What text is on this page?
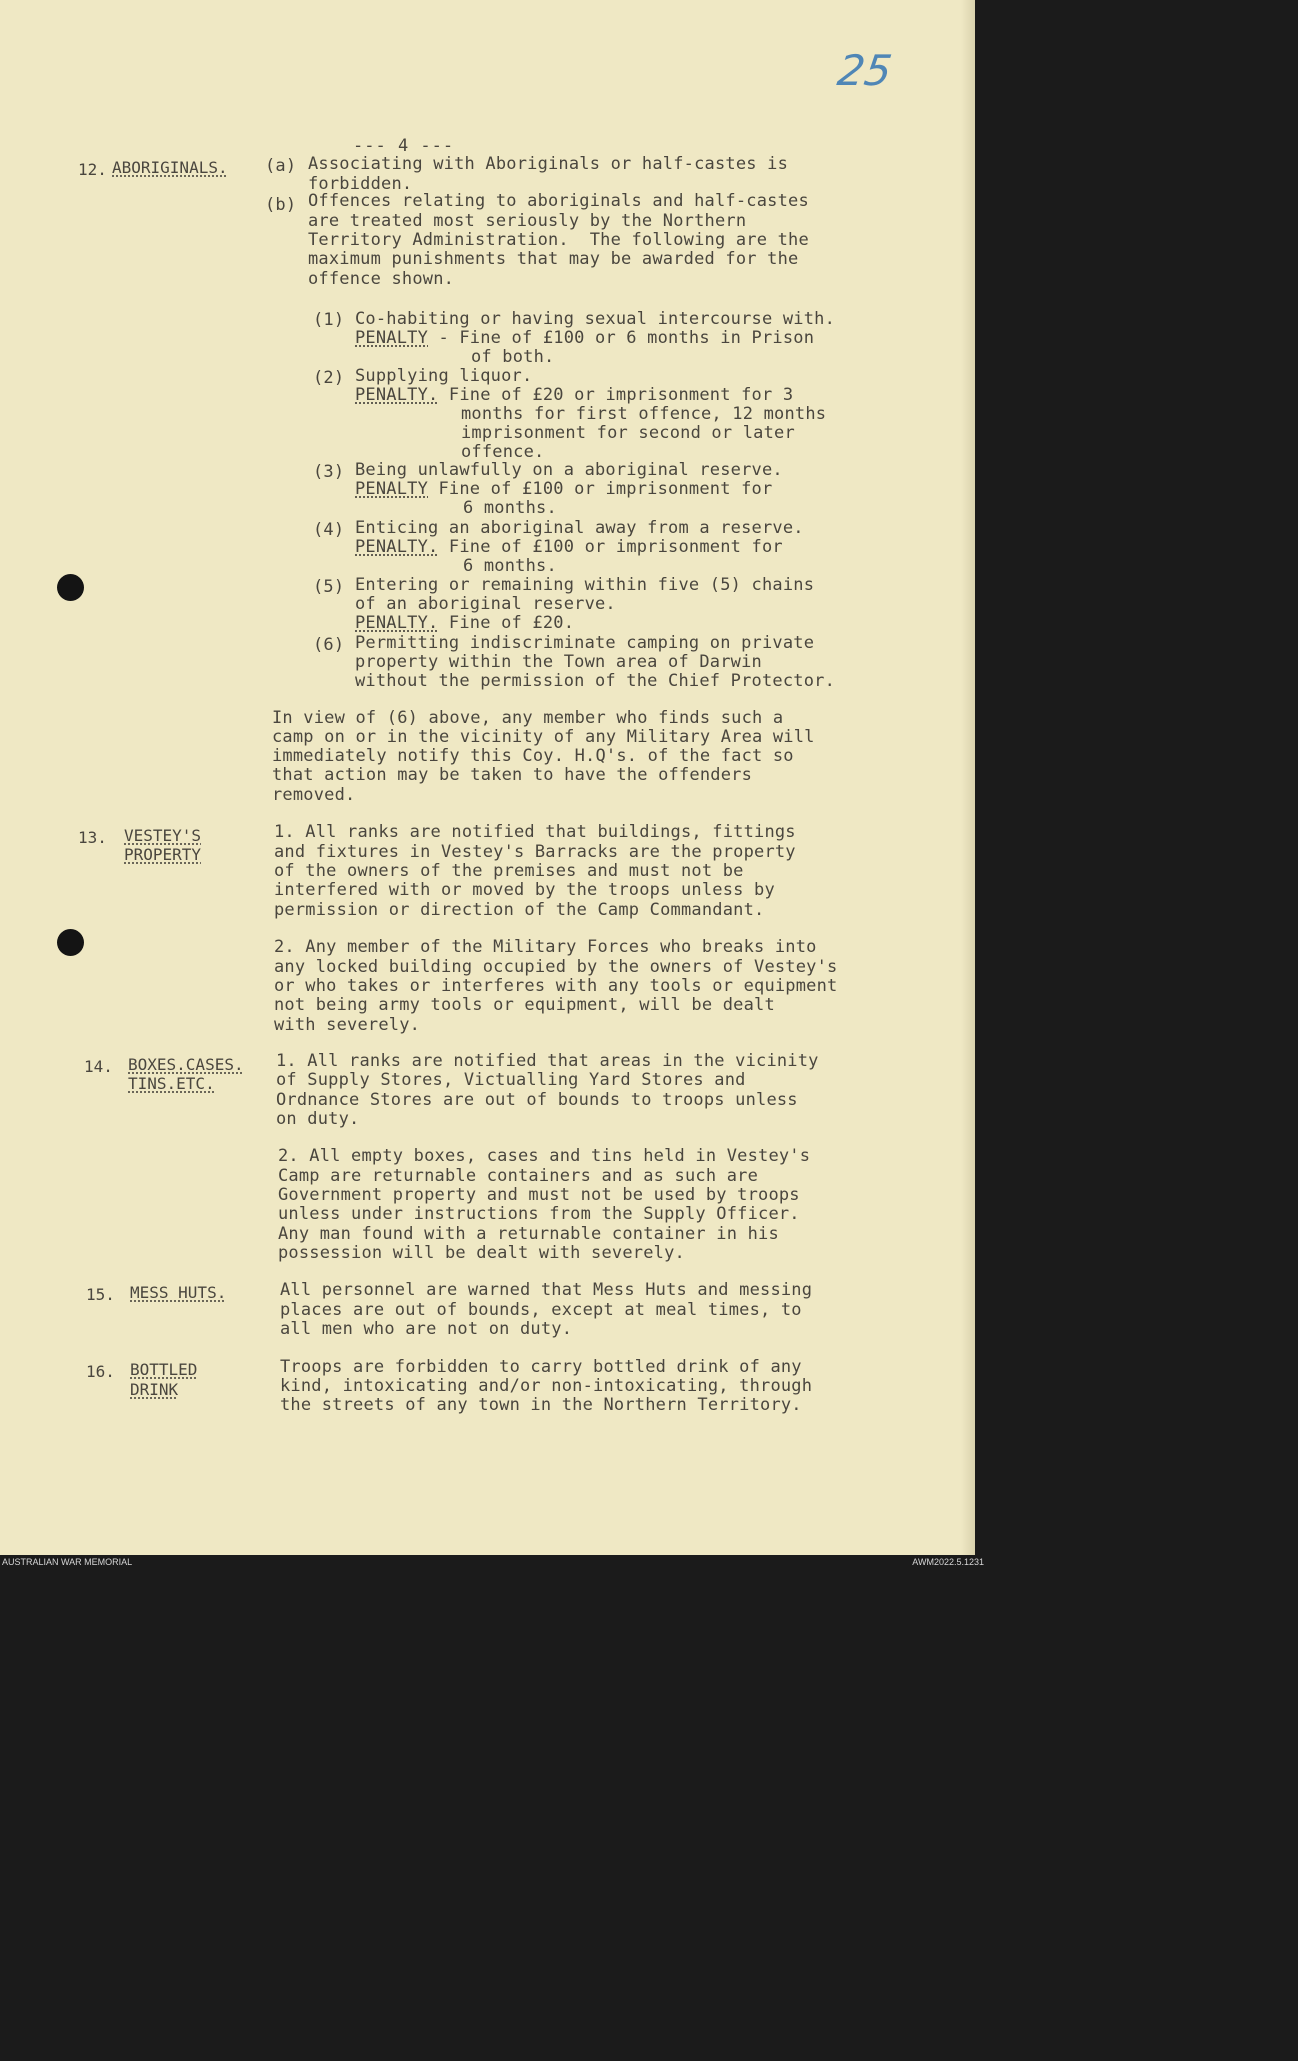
25
--- 4 ---
12. ABORIGINALS. (a) Associating with Aboriginals or half-castes is
forbidden.
(b) Offences relating to aboriginals and half-castes
are treated most seriously by the Northern
Territory Administration.  The following are the
maximum punishments that may be awarded for the
offence shown.
(1) Co-habiting or having sexual intercourse with.
PENALTY - Fine of £100 or 6 months in Prison
of both.
(2) Supplying liquor.
PENALTY. Fine of £20 or imprisonment for 3
months for first offence, 12 months
imprisonment for second or later
offence.
(3) Being unlawfully on a aboriginal reserve.
PENALTY Fine of £100 or imprisonment for
6 months.
(4) Enticing an aboriginal away from a reserve.
PENALTY. Fine of £100 or imprisonment for
6 months.
(5) Entering or remaining within five (5) chains
of an aboriginal reserve.
PENALTY. Fine of £20.
(6) Permitting indiscriminate camping on private
property within the Town area of Darwin
without the permission of the Chief Protector.
In view of (6) above, any member who finds such a
camp on or in the vicinity of any Military Area will
immediately notify this Coy. H.Q's. of the fact so
that action may be taken to have the offenders
removed.
13. VESTEY'S
PROPERTY
1. All ranks are notified that buildings, fittings
and fixtures in Vestey's Barracks are the property
of the owners of the premises and must not be
interfered with or moved by the troops unless by
permission or direction of the Camp Commandant.
2. Any member of the Military Forces who breaks into
any locked building occupied by the owners of Vestey's
or who takes or interferes with any tools or equipment
not being army tools or equipment, will be dealt
with severely.
14. BOXES.CASES.
TINS.ETC.
1. All ranks are notified that areas in the vicinity
of Supply Stores, Victualling Yard Stores and
Ordnance Stores are out of bounds to troops unless
on duty.
2. All empty boxes, cases and tins held in Vestey's
Camp are returnable containers and as such are
Government property and must not be used by troops
unless under instructions from the Supply Officer.
Any man found with a returnable container in his
possession will be dealt with severely.
15. MESS HUTS.	All personnel are warned that Mess Huts and messing
places are out of bounds, except at meal times, to
all men who are not on duty.
16. BOTTLED
DRINK
Troops are forbidden to carry bottled drink of any
kind, intoxicating and/or non-intoxicating, through
the streets of any town in the Northern Territory.
AUSTRALIAN WAR MEMORIAL	AWM2022.5.1231
